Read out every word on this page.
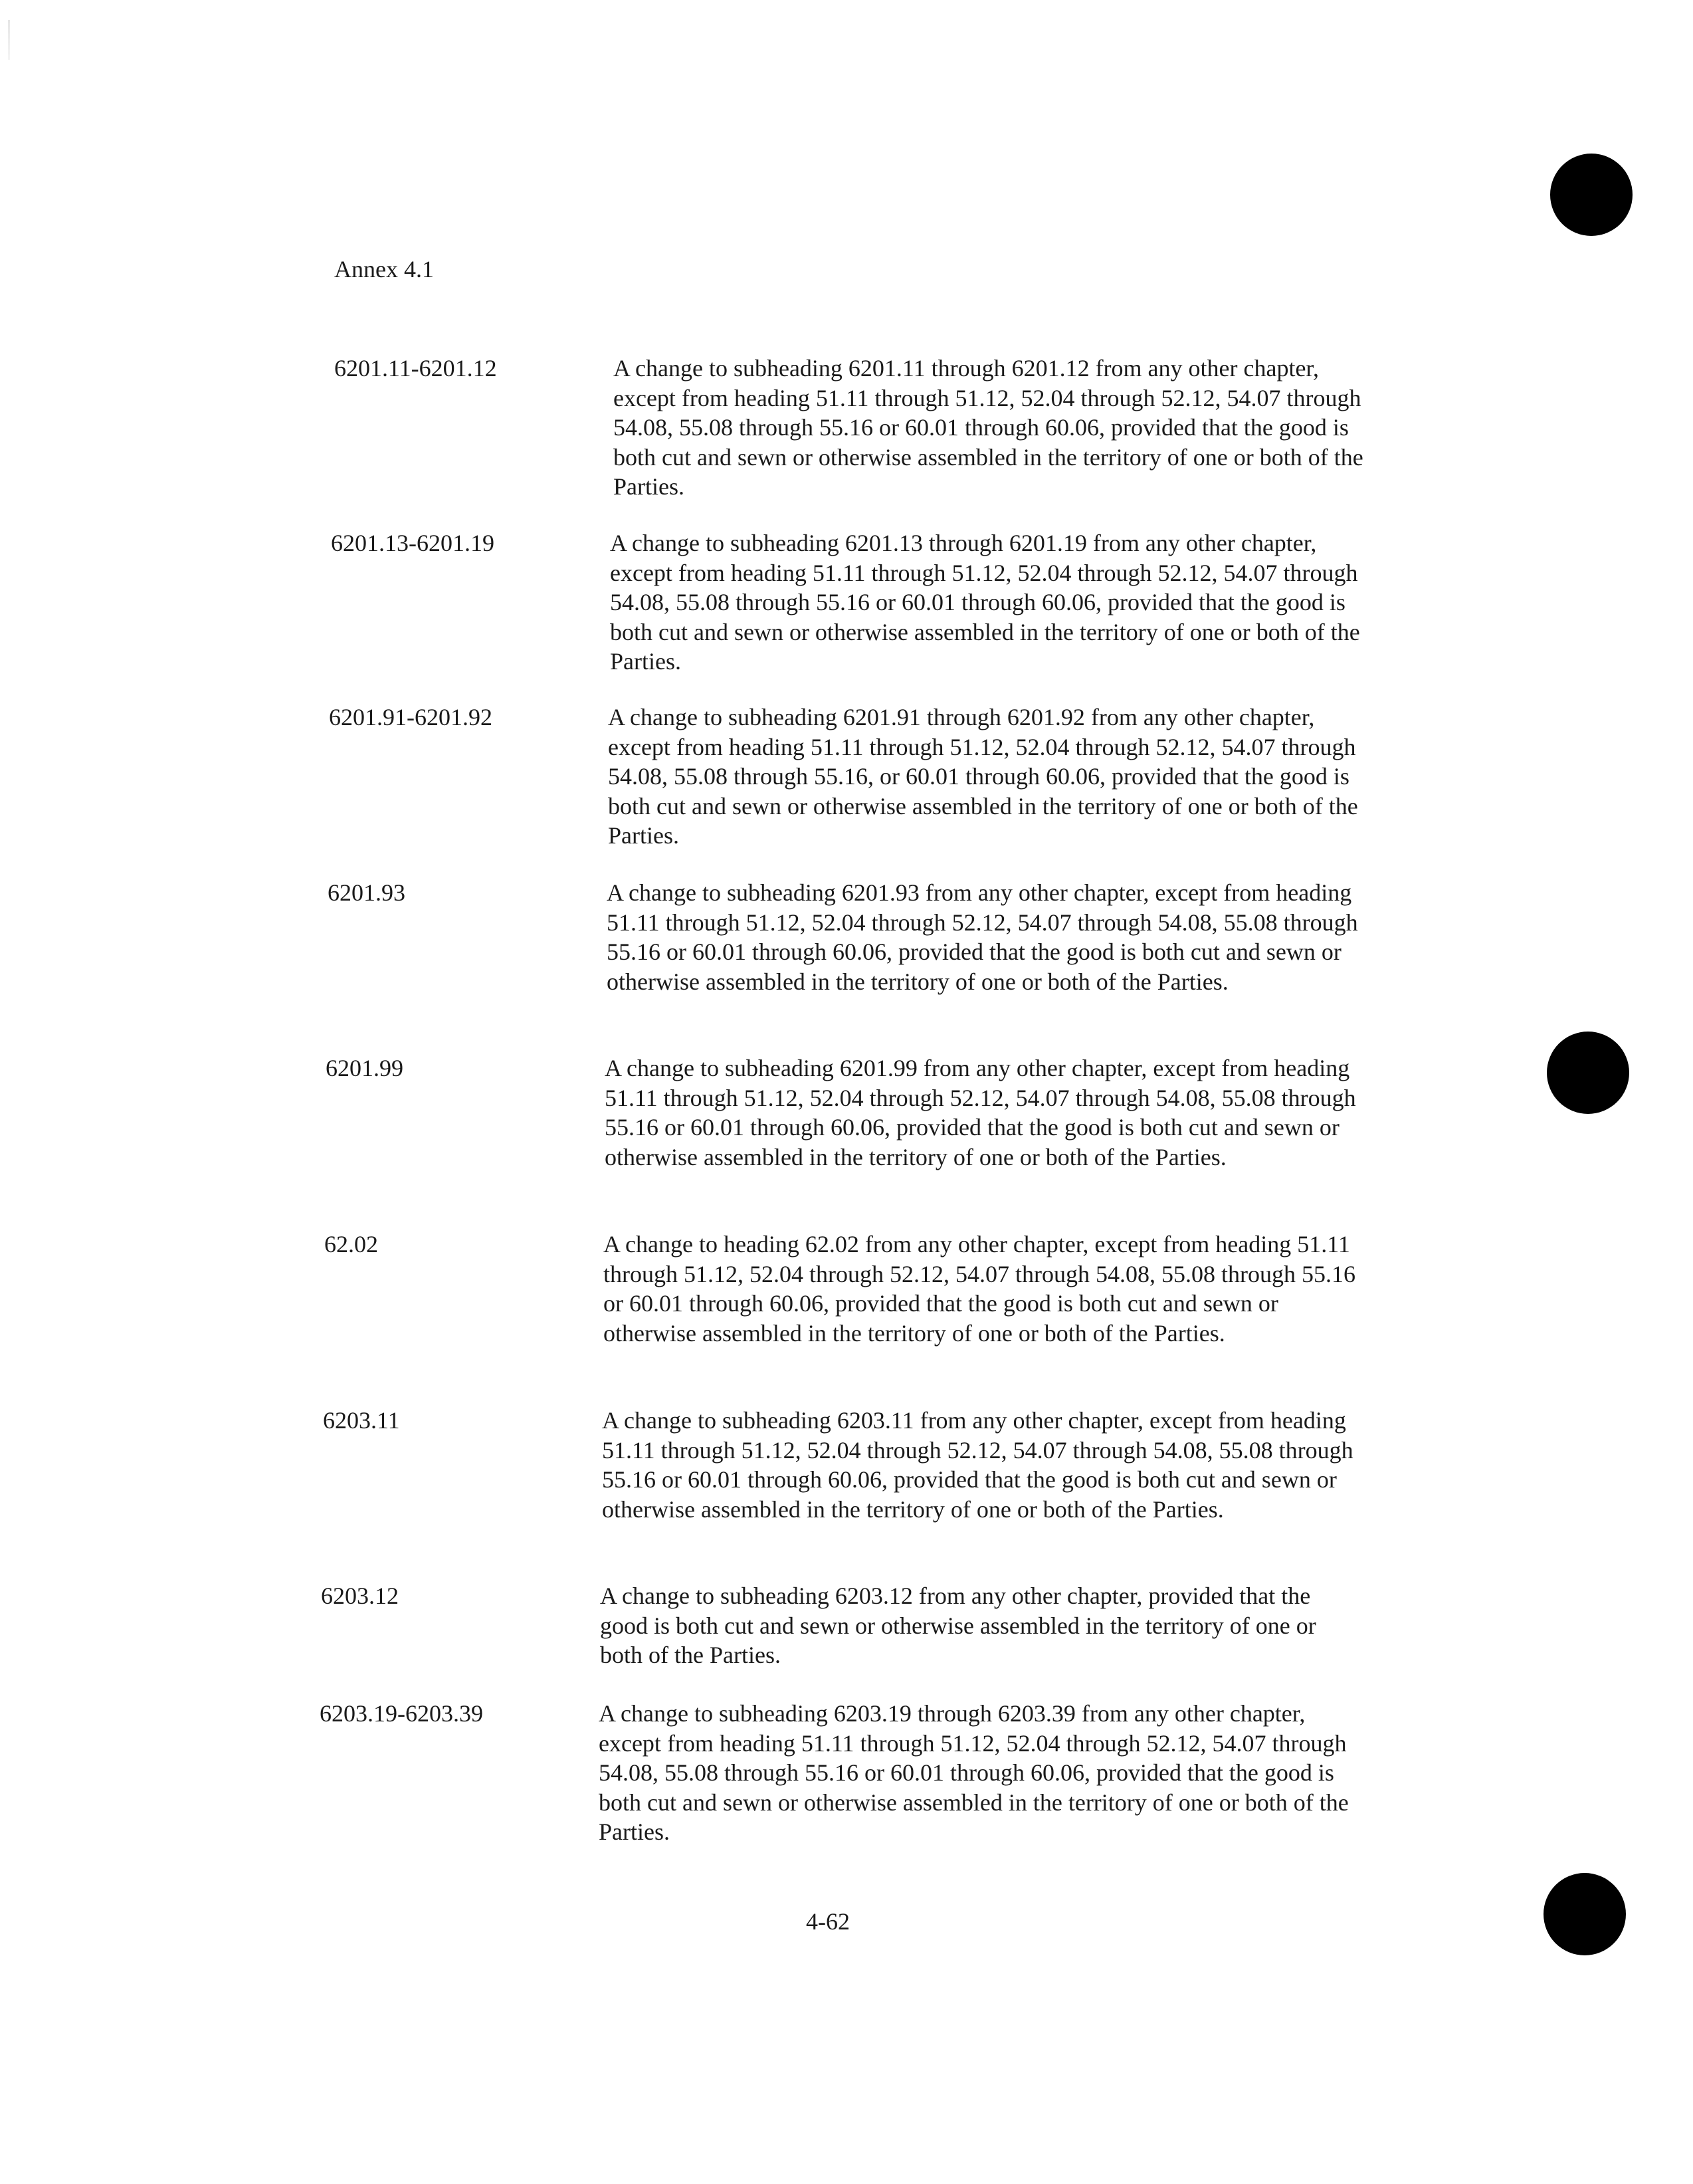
Annex 4.1
6201.11-6201.12	A change to subheading 6201.11 through 6201.12 from any other chapter, except from heading 51.11 through 51.12, 52.04 through 52.12, 54.07 through 54.08, 55.08 through 55.16 or 60.01 through 60.06, provided that the good is both cut and sewn or otherwise assembled in the territory of one or both of the Parties.
6201.13-6201.19	A change to subheading 6201.13 through 6201.19 from any other chapter, except from heading 51.11 through 51.12, 52.04 through 52.12, 54.07 through 54.08, 55.08 through 55.16 or 60.01 through 60.06, provided that the good is both cut and sewn or otherwise assembled in the territory of one or both of the Parties.
6201.91-6201.92	A change to subheading 6201.91 through 6201.92 from any other chapter, except from heading 51.11 through 51.12, 52.04 through 52.12, 54.07 through 54.08, 55.08 through 55.16, or 60.01 through 60.06, provided that the good is both cut and sewn or otherwise assembled in the territory of one or both of the Parties.
6201.93	A change to subheading 6201.93 from any other chapter, except from heading 51.11 through 51.12, 52.04 through 52.12, 54.07 through 54.08, 55.08 through 55.16 or 60.01 through 60.06, provided that the good is both cut and sewn or otherwise assembled in the territory of one or both of the Parties.
6201.99	A change to subheading 6201.99 from any other chapter, except from heading 51.11 through 51.12, 52.04 through 52.12, 54.07 through 54.08, 55.08 through 55.16 or 60.01 through 60.06, provided that the good is both cut and sewn or otherwise assembled in the territory of one or both of the Parties.
62.02	A change to heading 62.02 from any other chapter, except from heading 51.11 through 51.12, 52.04 through 52.12, 54.07 through 54.08, 55.08 through 55.16 or 60.01 through 60.06, provided that the good is both cut and sewn or otherwise assembled in the territory of one or both of the Parties.
6203.11	A change to subheading 6203.11 from any other chapter, except from heading 51.11 through 51.12, 52.04 through 52.12, 54.07 through 54.08, 55.08 through 55.16 or 60.01 through 60.06, provided that the good is both cut and sewn or otherwise assembled in the territory of one or both of the Parties.
6203.12	A change to subheading 6203.12 from any other chapter, provided that the good is both cut and sewn or otherwise assembled in the territory of one or both of the Parties.
6203.19-6203.39	A change to subheading 6203.19 through 6203.39 from any other chapter, except from heading 51.11 through 51.12, 52.04 through 52.12, 54.07 through 54.08, 55.08 through 55.16 or 60.01 through 60.06, provided that the good is both cut and sewn or otherwise assembled in the territory of one or both of the Parties.
4-62
